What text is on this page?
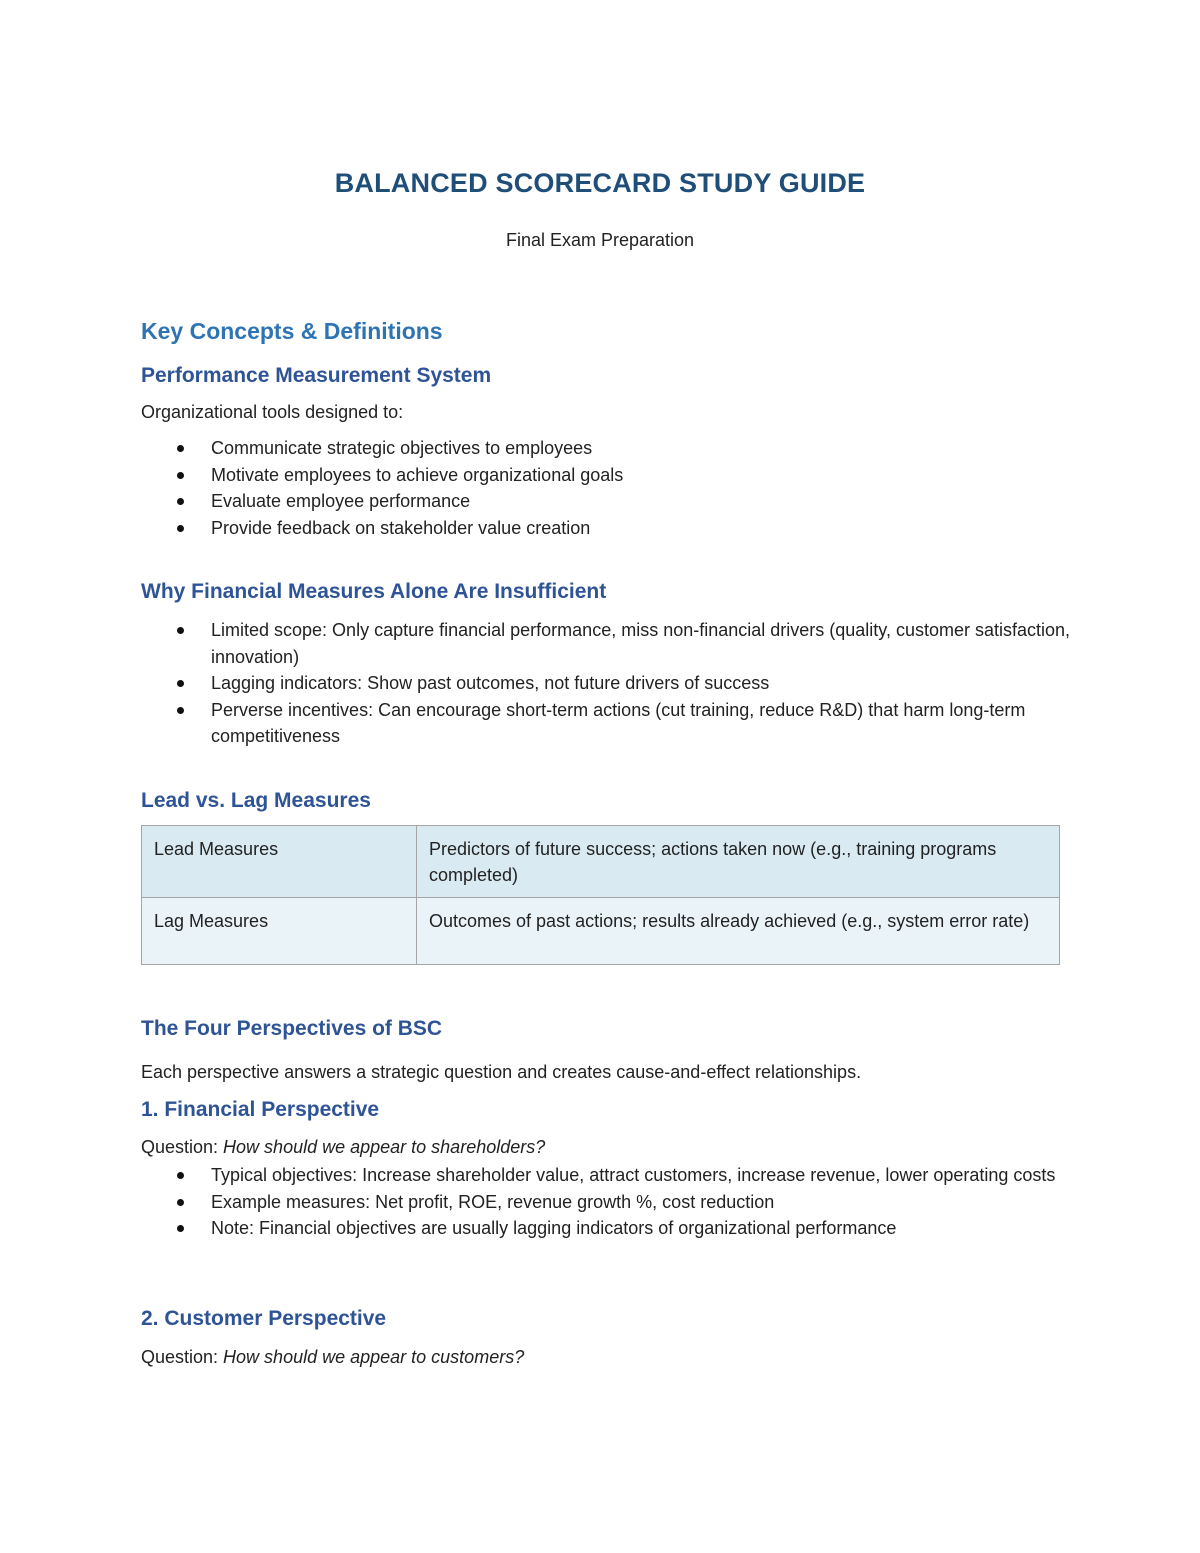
BALANCED SCORECARD STUDY GUIDE
Final Exam Preparation
Key Concepts & Definitions
Performance Measurement System
Organizational tools designed to:
Communicate strategic objectives to employees
Motivate employees to achieve organizational goals
Evaluate employee performance
Provide feedback on stakeholder value creation
Why Financial Measures Alone Are Insufficient
Limited scope: Only capture financial performance, miss non-financial drivers (quality, customer satisfaction, innovation)
Lagging indicators: Show past outcomes, not future drivers of success
Perverse incentives: Can encourage short-term actions (cut training, reduce R&D) that harm long-term competitiveness
Lead vs. Lag Measures
Lead Measures	Predictors of future success; actions taken now (e.g., training programs completed)
Lag Measures	Outcomes of past actions; results already achieved (e.g., system error rate)
The Four Perspectives of BSC
Each perspective answers a strategic question and creates cause-and-effect relationships.
1. Financial Perspective
Question: How should we appear to shareholders?
Typical objectives: Increase shareholder value, attract customers, increase revenue, lower operating costs
Example measures: Net profit, ROE, revenue growth %, cost reduction
Note: Financial objectives are usually lagging indicators of organizational performance
2. Customer Perspective
Question: How should we appear to customers?
